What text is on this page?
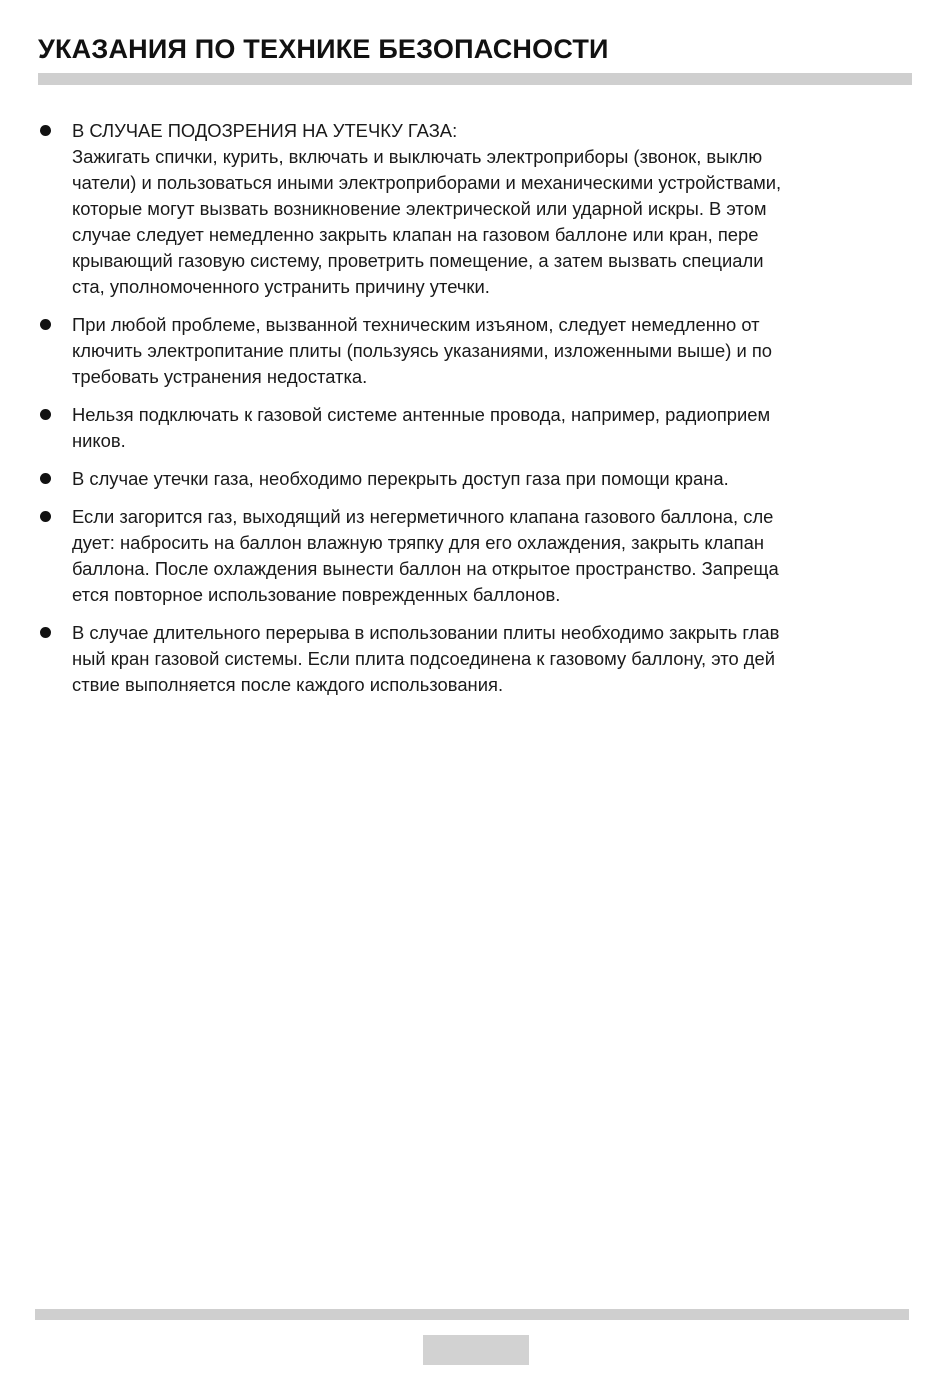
УКАЗАНИЯ ПО ТЕХНИКЕ БЕЗОПАСНОСТИ
В СЛУЧАЕ ПОДОЗРЕНИЯ НА УТЕЧКУ ГАЗА:
Зажигать спички, курить, включать и выключать электроприборы (звонок, выклю
чатели) и пользоваться иными электроприборами и механическими устройствами,
которые могут вызвать возникновение электрической или ударной искры. В этом
случае следует немедленно закрыть клапан на газовом баллоне или кран, пере
крывающий газовую систему, проветрить помещение, а затем вызвать специали
ста, уполномоченного устранить причину утечки.
При любой проблеме, вызванной техническим изъяном, следует немедленно от
ключить электропитание плиты (пользуясь указаниями, изложенными выше) и по
требовать устранения недостатка.
Нельзя подключать к газовой системе антенные провода, например, радиоприем
ников.
В случае утечки газа, необходимо перекрыть доступ газа при помощи крана.
Если загорится газ, выходящий из негерметичного клапана газового баллона, сле
дует: набросить на баллон влажную тряпку для его охлаждения, закрыть клапан
баллона. После охлаждения вынести баллон на открытое пространство. Запреща
ется повторное использование поврежденных баллонов.
В случае длительного перерыва в использовании плиты необходимо закрыть глав
ный кран газовой системы. Если плита подсоединена к газовому баллону, это дей
ствие выполняется после каждого использования.
